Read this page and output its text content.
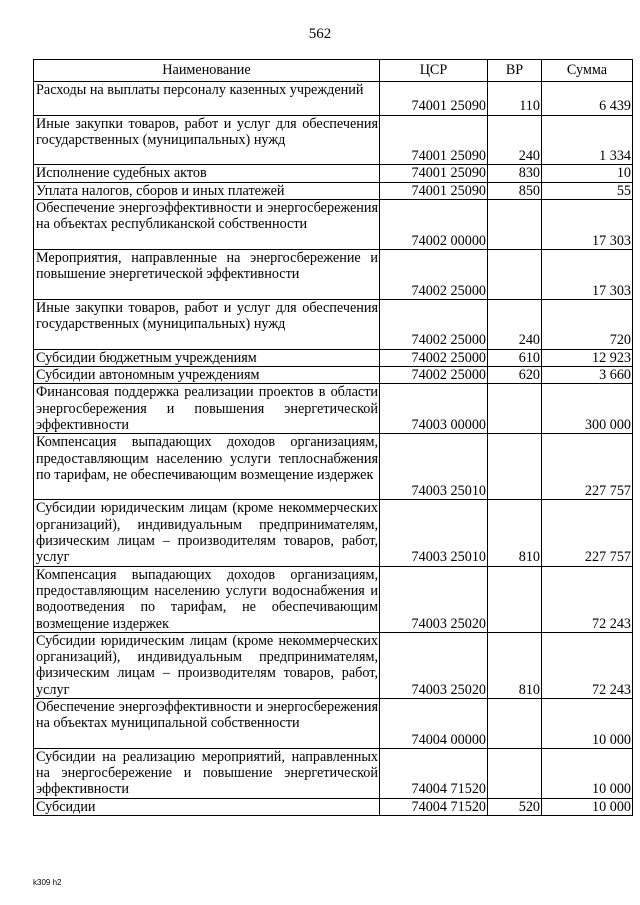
562
Наименование	ЦСР	ВР	Сумма
Расходы на выплаты персоналу казенных учреждений	74001 25090	110	6 439
Иные закупки товаров, работ и услуг для обеспечения государственных (муниципальных) нужд	74001 25090	240	1 334
Исполнение судебных актов	74001 25090	830	10
Уплата налогов, сборов и иных платежей	74001 25090	850	55
Обеспечение энергоэффективности и энергосбережения на объектах республиканской собственности	74002 00000		17 303
Мероприятия, направленные на энергосбережение и повышение энергетической эффективности	74002 25000		17 303
Иные закупки товаров, работ и услуг для обеспечения государственных (муниципальных) нужд	74002 25000	240	720
Субсидии бюджетным учреждениям	74002 25000	610	12 923
Субсидии автономным учреждениям	74002 25000	620	3 660
Финансовая поддержка реализации проектов в области энергосбережения и повышения энергетической эффективности	74003 00000		300 000
Компенсация выпадающих доходов организациям, предоставляющим населению услуги теплоснабжения по тарифам, не обеспечивающим возмещение издержек	74003 25010		227 757
Субсидии юридическим лицам (кроме некоммерческих организаций), индивидуальным предпринимателям, физическим лицам – производителям товаров, работ, услуг	74003 25010	810	227 757
Компенсация выпадающих доходов организациям, предоставляющим населению услуги водоснабжения и водоотведения по тарифам, не обеспечивающим возмещение издержек	74003 25020		72 243
Субсидии юридическим лицам (кроме некоммерческих организаций), индивидуальным предпринимателям, физическим лицам – производителям товаров, работ, услуг	74003 25020	810	72 243
Обеспечение энергоэффективности и энергосбережения на объектах муниципальной собственности	74004 00000		10 000
Субсидии на реализацию мероприятий, направленных на энергосбережение и повышение энергетической эффективности	74004 71520		10 000
Субсидии	74004 71520	520	10 000
k309 h2
